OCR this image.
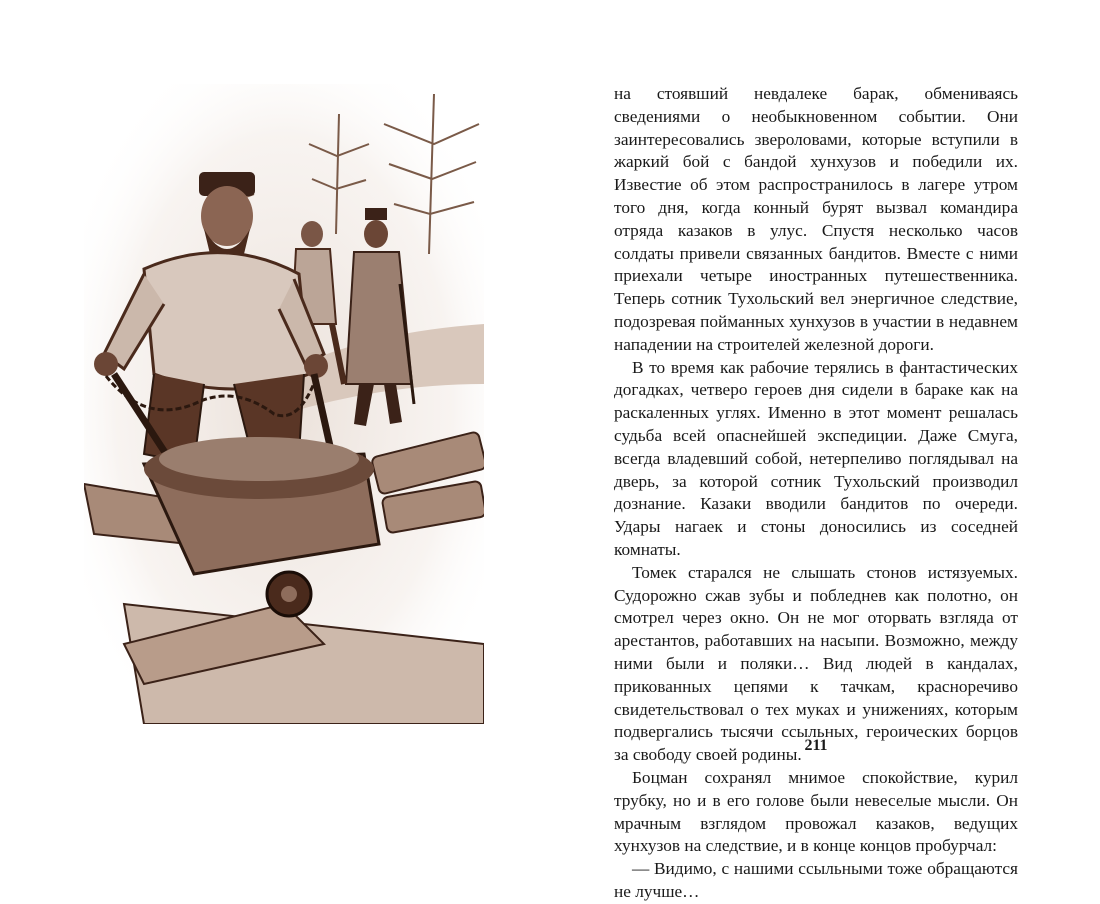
на стоявший невдалеке барак, обмениваясь сведениями о необыкновенном событии. Они заинтересовались звероловами, которые вступили в жаркий бой с бандой хунхузов и победили их. Известие об этом распространилось в лагере утром того дня, когда конный бурят вызвал командира отряда казаков в улус. Спустя несколько часов солдаты привели связанных бандитов. Вместе с ними приехали четыре иностранных путешественника. Теперь сотник Тухольский вел энергичное следствие, подозревая пойманных хунхузов в участии в недавнем нападении на строителей железной дороги.

В то время как рабочие терялись в фантастических догадках, четверо героев дня сидели в бараке как на раскаленных углях. Именно в этот момент решалась судьба всей опаснейшей экспедиции. Даже Смуга, всегда владевший собой, нетерпеливо поглядывал на дверь, за которой сотник Тухольский производил дознание. Казаки вводили бандитов по очереди. Удары нагаек и стоны доносились из соседней комнаты.

Томек старался не слышать стонов истязуемых. Судорожно сжав зубы и побледнев как полотно, он смотрел через окно. Он не мог оторвать взгляда от арестантов, работавших на насыпи. Возможно, между ними были и поляки… Вид людей в кандалах, прикованных цепями к тачкам, красноречиво свидетельствовал о тех муках и унижениях, которым подвергались тысячи ссыльных, героических борцов за свободу своей родины.

Боцман сохранял мнимое спокойствие, курил трубку, но и в его голове были невеселые мысли. Он мрачным взглядом провожал казаков, ведущих хунхузов на следствие, и в конце концов пробурчал:

— Видимо, с нашими ссыльными тоже обращаются не лучше…

211
